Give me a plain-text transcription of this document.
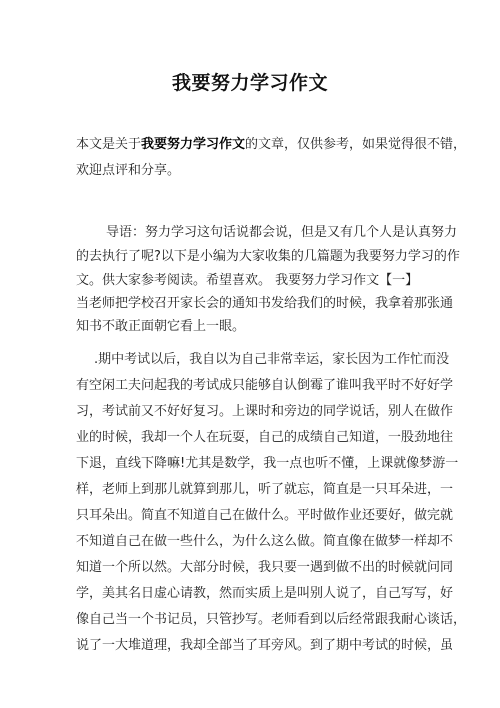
我要努力学习作文
本文是关于我要努力学习作文的文章，仅供参考，如果觉得很不错，
欢迎点评和分享。
导语：努力学习这句话说都会说，但是又有几个人是认真努力
的去执行了呢?以下是小编为大家收集的几篇题为我要努力学习的作
文。供大家参考阅读。希望喜欢。 我要努力学习作文【一】
当老师把学校召开家长会的通知书发给我们的时候，我拿着那张通
知书不敢正面朝它看上一眼。
.期中考试以后，我自以为自己非常幸运，家长因为工作忙而没
有空闲工夫问起我的考试成只能够自认倒霉了谁叫我平时不好好学
习，考试前又不好好复习。上课时和旁边的同学说话，别人在做作
业的时候，我却一个人在玩耍，自己的成绩自己知道，一股劲地往
下退，直线下降嘛!尤其是数学，我一点也听不懂，上课就像梦游一
样，老师上到那儿就算到那儿，听了就忘，简直是一只耳朵进，一
只耳朵出。简直不知道自己在做什么。平时做作业还要好，做完就
不知道自己在做一些什么，为什么这么做。简直像在做梦一样却不
知道一个所以然。大部分时候，我只要一遇到做不出的时候就问同
学，美其名日虚心请教，然而实质上是叫别人说了，自己写写，好
像自己当一个书记员，只管抄写。老师看到以后经常跟我耐心谈话，
说了一大堆道理，我却全部当了耳旁风。到了期中考试的时候，虽
